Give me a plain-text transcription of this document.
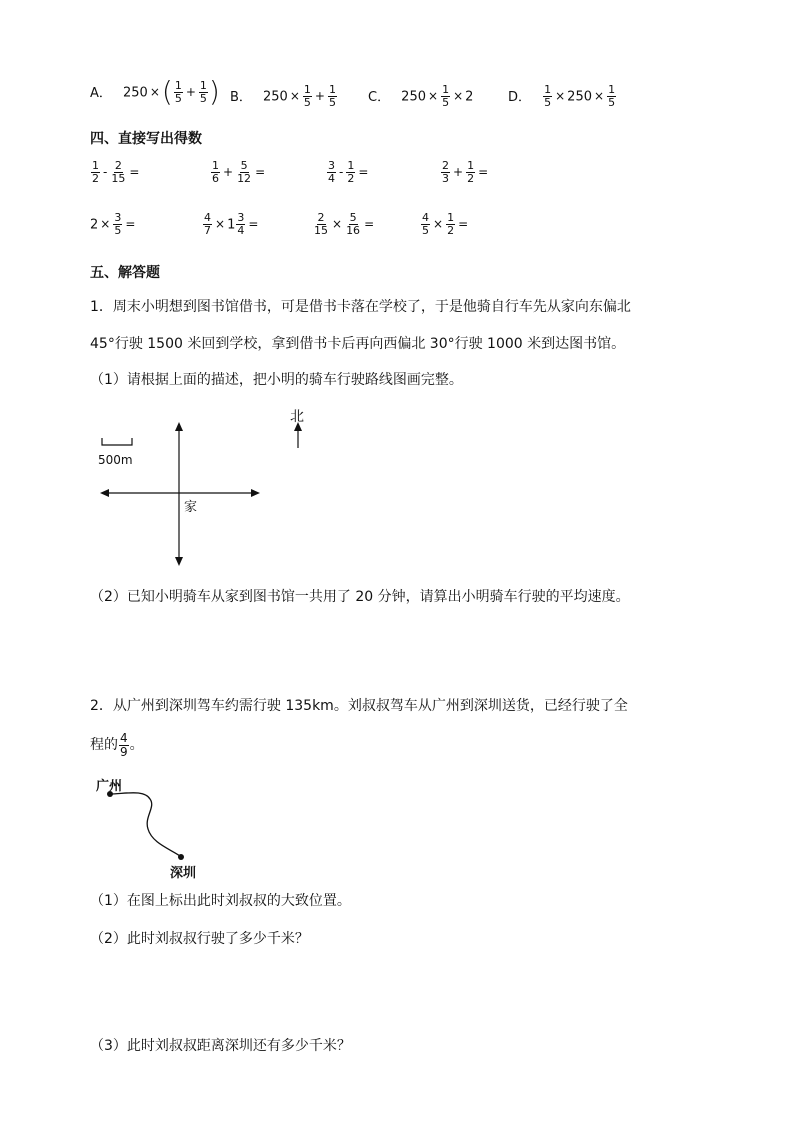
A． 250 ×( $\frac{1}{5} + \frac{1}{5}$ ) B． $250 \times \frac{1}{5} + \frac{1}{5}$ C． $250 \times \frac{1}{5} \times 2$	D． $\frac{1}{5} \times 250 \times \frac{1}{5}$
四、直接写出得数
$\frac{1}{2} - \frac{2}{15}$ =	$\frac{1}{6} + \frac{5}{12}$ =	$\frac{3}{4} - \frac{1}{2}$ =	$\frac{2}{3} + \frac{1}{2}$ =
$2 \times \frac{3}{5}$ =	$\frac{4}{7} \times 1 \frac{3}{4}$ =	$\frac{2}{15} \times \frac{5}{16}$ =	$\frac{4}{5} \times \frac{1}{2}$ =
五、解答题
1．周末小明想到图书馆借书，可是借书卡落在学校了，于是他骑自行车先从家向东偏北
45°行驶 1500 米回到学校，拿到借书卡后再向西偏北 30°行驶 1000 米到达图书馆。
（1）请根据上面的描述，把小明的骑车行驶路线图画完整。
500m
北
家
（2）已知小明骑车从家到图书馆一共用了 20 分钟，请算出小明骑车行驶的平均速度。
2．从广州到深圳驾车约需行驶 135km。刘叔叔驾车从广州到深圳送货，已经行驶了全
程的 $\frac{4}{9}$ 。
广州
深圳
（1）在图上标出此时刘叔叔的大致位置。
（2）此时刘叔叔行驶了多少千米？
（3）此时刘叔叔距离深圳还有多少千米？
